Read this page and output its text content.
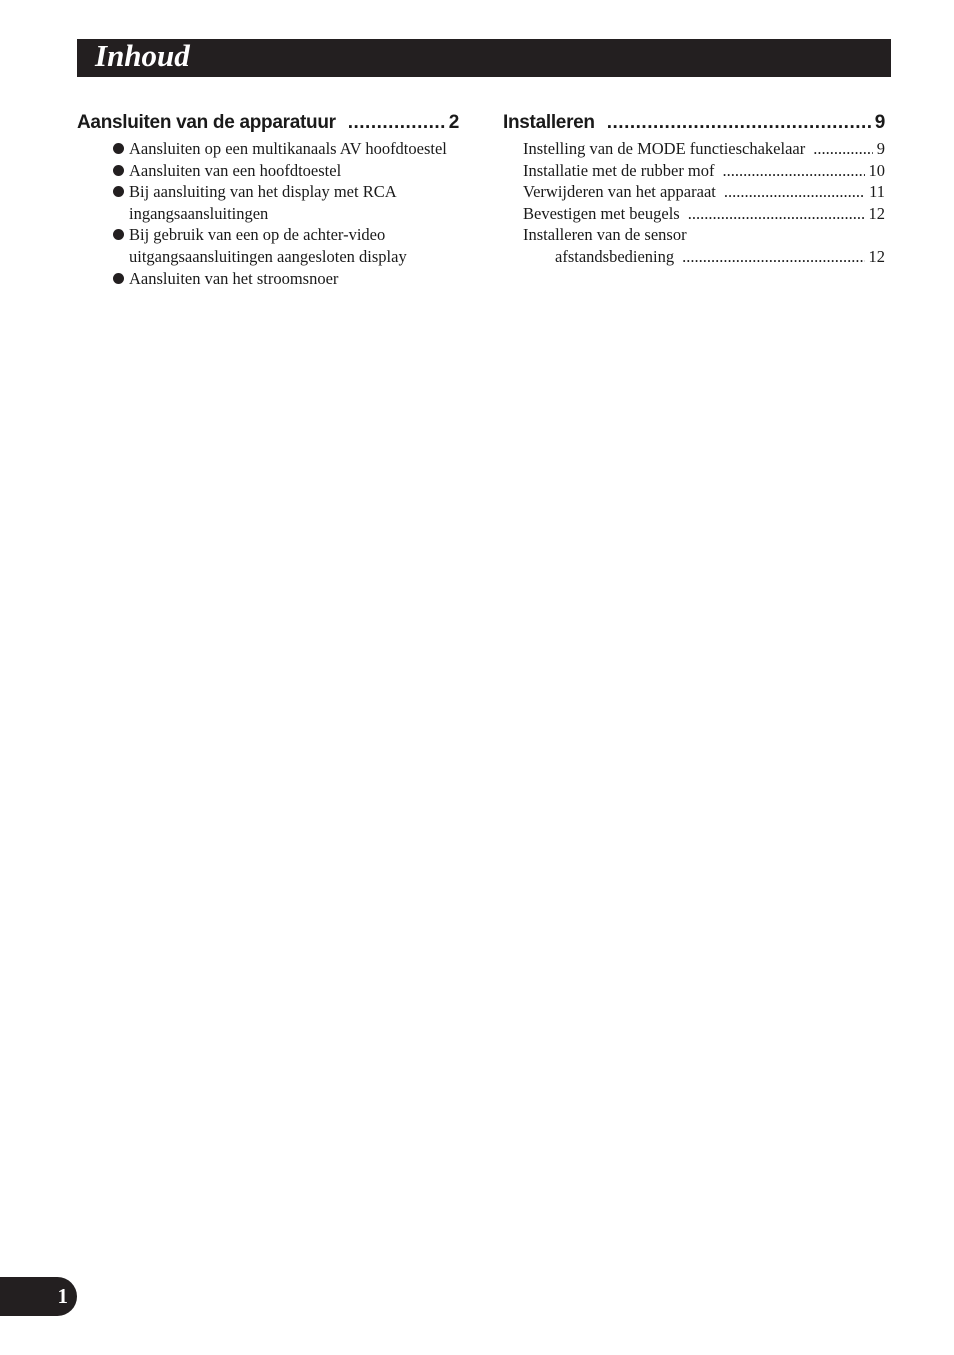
Inhoud
Aansluiten van de apparatuur .....	2
Aansluiten op een multikanaals AV hoofdtoestel
Aansluiten van een hoofdtoestel
Bij aansluiting van het display met RCA ingangsaansluitingen
Bij gebruik van een op de achter-video uitgangsaansluitingen aangesloten display
Aansluiten van het stroomsnoer
Installeren .....	9
Instelling van de MODE functieschakelaar .....	9
Installatie met de rubber mof .....	10
Verwijderen van het apparaat .....	11
Bevestigen met beugels .....	12
Installeren van de sensor
afstandsbediening .....	12
1
